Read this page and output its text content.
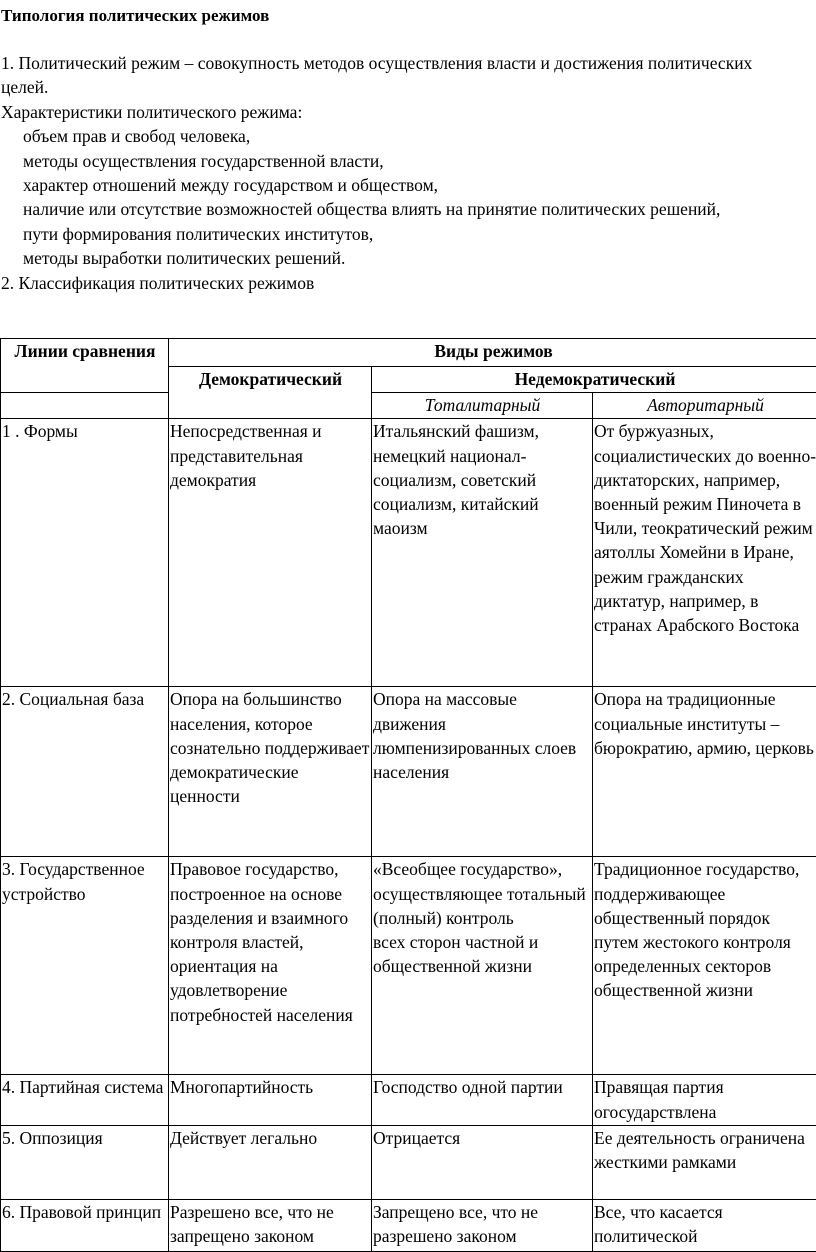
Типология политических режимов

1. Политический режим – совокупность методов осуществления власти и достижения политических целей.

Характеристики политического режима:

объем прав и свобод человека,
методы осуществления государственной власти,
характер отношений между государством и обществом,
наличие или отсутствие возможностей общества влиять на принятие политических решений,
пути формирования политических институтов,
методы выработки политических решений.

2. Классификация политических режимов

Линии сравнения	Виды режимов		
	Демократический	Недемократический	
		Тоталитарный	Авторитарный
1 . Формы	Непосредственная и представительная демократия	Итальянский фашизм, немецкий национал-социализм, советский социализм, китайский маоизм	От буржуазных, социалистических до военно-диктаторских, например, военный режим Пиночета в Чили, теократический режим аятоллы Хомейни в Иране, режим гражданских диктатур, например, в странах Арабского Востока
2. Социальная база	Опора на большинство населения, которое сознательно поддерживает демократические ценности	Опора на массовые движения люмпенизированных слоев населения	Опора на традиционные социальные институты – бюрократию, армию, церковь
3. Государственное устройство	Правовое государство, построенное на основе разделения и взаимного контроля властей, ориентация на удовлетворение потребностей населения	«Всеобщее государство», осуществляющее тотальный (полный) контроль
всех сторон частной и общественной жизни	Традиционное государство, поддерживающее общественный порядок путем жестокого контроля определенных секторов общественной жизни
4. Партийная система	Многопартийность	Господство одной партии	Правящая партия огосударствлена
5. Оппозиция	Действует легально	Отрицается	Ее деятельность ограничена жесткими рамками
6. Правовой принцип	Разрешено все, что не запрещено законом	Запрещено все, что не разрешено законом	Все, что касается политической
